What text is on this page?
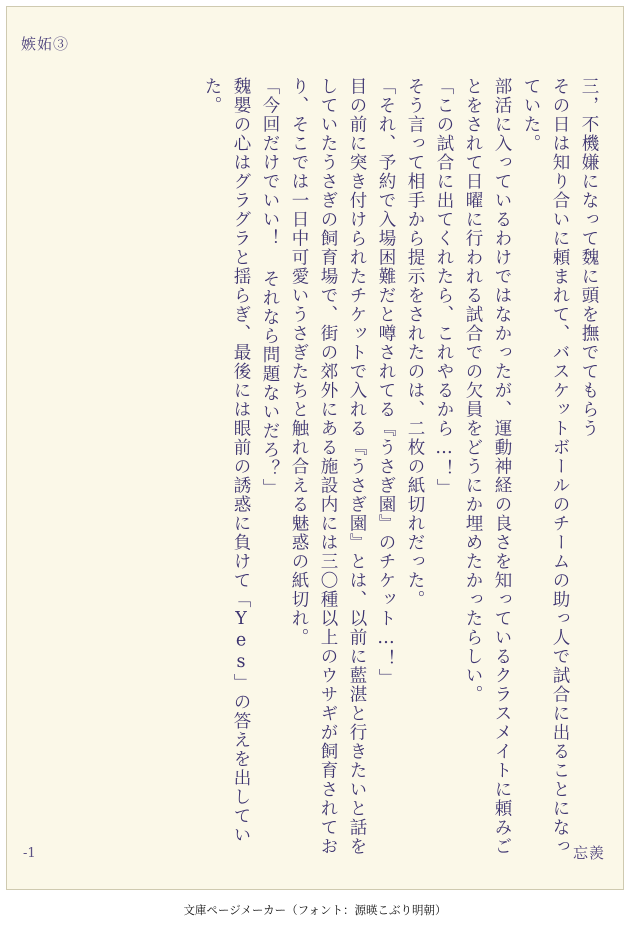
嫉妬③
三，不機嫌になって魏に頭を撫でてもらう
その日は知り合いに頼まれて、バスケットボールのチームの助っ人で試合に出ることになっていた。
部活に入っているわけではなかったが、運動神経の良さを知っているクラスメイトに頼みごとをされて日曜に行われる試合での欠員をどうにか埋めたかったらしい。
「この試合に出てくれたら、これやるから…！」
そう言って相手から提示をされたのは、二枚の紙切れだった。
「それ、予約で入場困難だと噂されてる『うさぎ園』のチケット…！」
目の前に突き付けられたチケットで入れる『うさぎ園』とは、以前に藍湛と行きたいと話をしていたうさぎの飼育場で、街の郊外にある施設内には三〇種以上のウサギが飼育されており、そこでは一日中可愛いうさぎたちと触れ合える魅惑の紙切れ。
「今回だけでいい！ それなら問題ないだろ？」
魏嬰の心はグラグラと揺らぎ、最後には眼前の誘惑に負けて「Yes」の答えを出していた。
-1	忘羨
文庫ページメーカー（フォント：源暎こぶり明朝）
